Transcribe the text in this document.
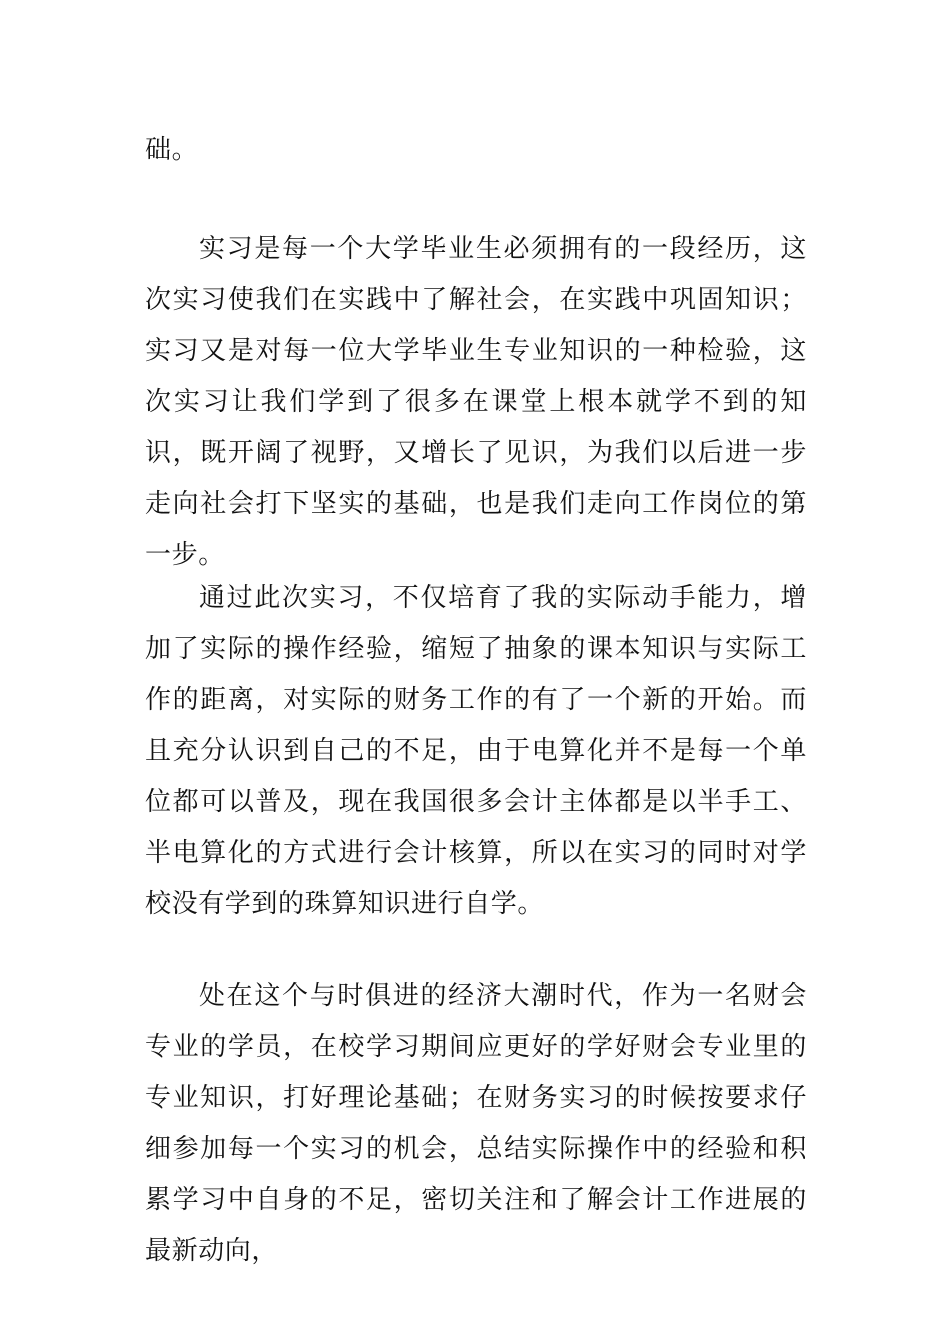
础。

实习是每一个大学毕业生必须拥有的一段经历，这次实习使我们在实践中了解社会，在实践中巩固知识；实习又是对每一位大学毕业生专业知识的一种检验，这次实习让我们学到了很多在课堂上根本就学不到的知识，既开阔了视野，又增长了见识，为我们以后进一步走向社会打下坚实的基础，也是我们走向工作岗位的第一步。

通过此次实习，不仅培育了我的实际动手能力，增加了实际的操作经验，缩短了抽象的课本知识与实际工作的距离，对实际的财务工作的有了一个新的开始。而且充分认识到自己的不足，由于电算化并不是每一个单位都可以普及，现在我国很多会计主体都是以半手工、半电算化的方式进行会计核算，所以在实习的同时对学校没有学到的珠算知识进行自学。

处在这个与时俱进的经济大潮时代，作为一名财会专业的学员，在校学习期间应更好的学好财会专业里的专业知识，打好理论基础；在财务实习的时候按要求仔细参加每一个实习的机会，总结实际操作中的经验和积累学习中自身的不足，密切关注和了解会计工作进展的最新动向，
